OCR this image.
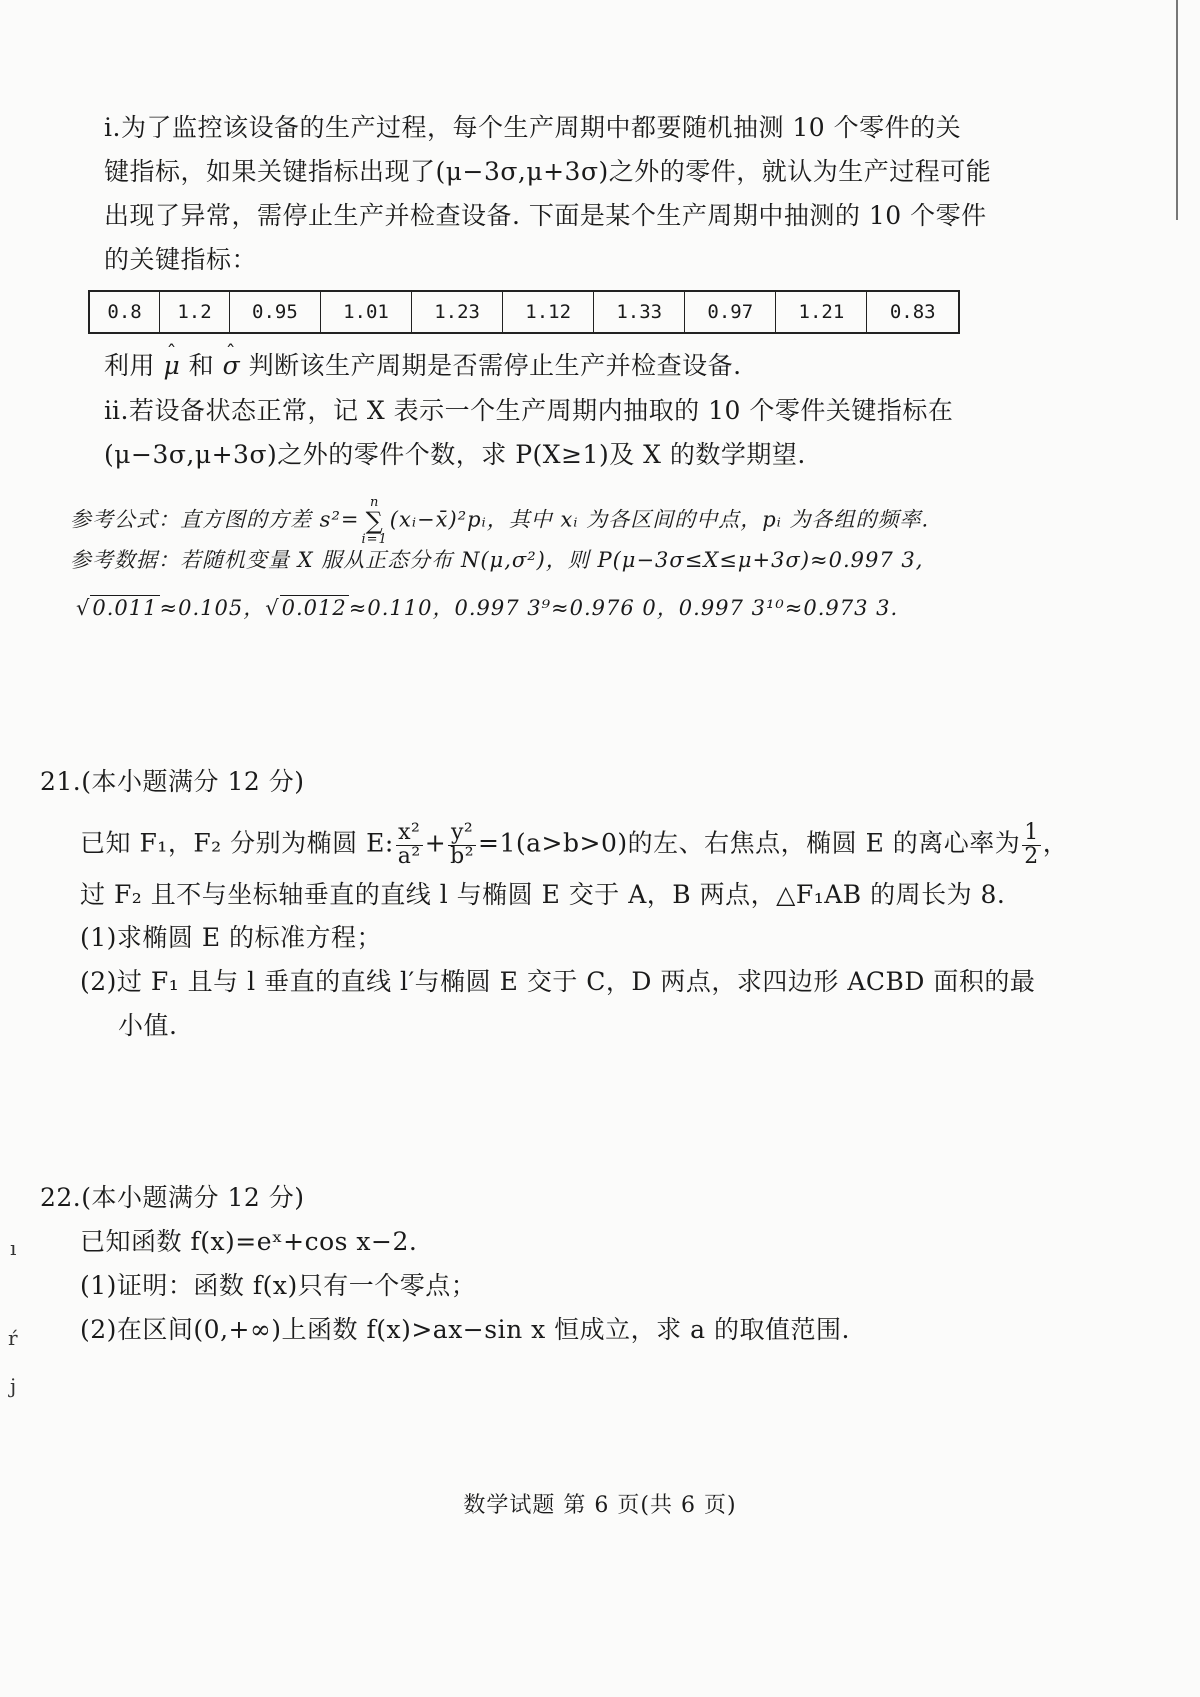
ⅰ.为了监控该设备的生产过程，每个生产周期中都要随机抽测 10 个零件的关
键指标，如果关键指标出现了(μ−3σ,μ+3σ)之外的零件，就认为生产过程可能
出现了异常，需停止生产并检查设备. 下面是某个生产周期中抽测的 10 个零件
的关键指标：
0.8	1.2	0.95	1.01	1.23	1.12	1.33	0.97	1.21	0.83
利用 ˆ μ 和 ˆ σ 判断该生产周期是否需停止生产并检查设备.
ⅱ.若设备状态正常，记 X 表示一个生产周期内抽取的 10 个零件关键指标在
(μ−3σ,μ+3σ)之外的零件个数，求 P(X≥1)及 X 的数学期望.
参考公式：直方图的方差 s²=n
∑
i=1(xᵢ−x̄)²pᵢ，其中 xᵢ 为各区间的中点，pᵢ 为各组的频率.
参考数据：若随机变量 X 服从正态分布 N(μ,σ²)，则 P(μ−3σ≤X≤μ+3σ)≈0.997 3,
√0.011≈0.105，√0.012≈0.110，0.997 3⁹≈0.976 0，0.997 3¹⁰≈0.973 3.
21.(本小题满分 12 分)
已知 F₁，F₂ 分别为椭圆 E: $\frac{\text{x²}}{\text{a²}} + \frac{\text{y²}}{\text{b²}} =1(a>b>0)$的左、右焦点，椭圆 E 的离心率为 $\frac{1}{2}$ ，
过 F₂ 且不与坐标轴垂直的直线 l 与椭圆 E 交于 A，B 两点，△F₁AB 的周长为 8.
(1)求椭圆 E 的标准方程；
(2)过 F₁ 且与 l 垂直的直线 l′与椭圆 E 交于 C，D 两点，求四边形 ACBD 面积的最
小值.
22.(本小题满分 12 分)
已知函数 f(x)=eˣ+cos x−2.
(1)证明：函数 f(x)只有一个零点；
(2)在区间(0,+∞)上函数 f(x)>ax−sin x 恒成立，求 a 的取值范围.
ı
ŕ
j
数学试题 第 6 页(共 6 页)
